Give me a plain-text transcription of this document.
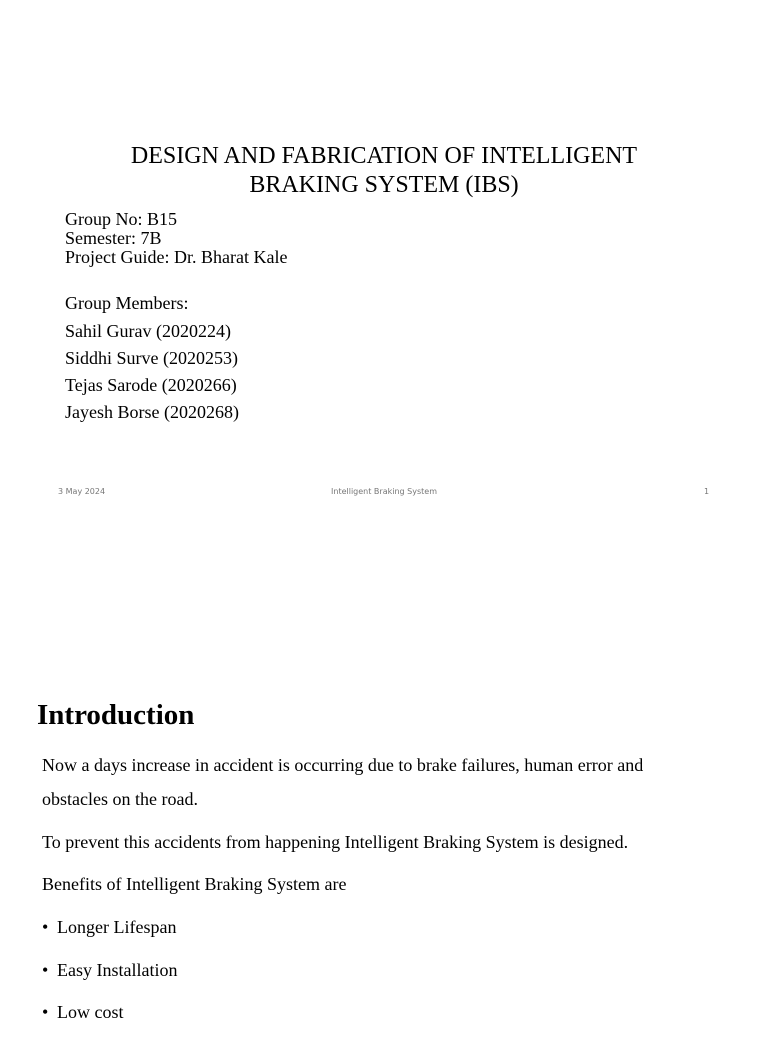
DESIGN AND FABRICATION OF INTELLIGENT
BRAKING SYSTEM (IBS)
Group No: B15
Semester: 7B
Project Guide: Dr. Bharat Kale
Group Members:
Sahil Gurav (2020224)
Siddhi Surve (2020253)
Tejas Sarode (2020266)
Jayesh Borse (2020268)
3 May 2024	Intelligent Braking System	1
Introduction
Now a days increase in accident is occurring due to brake failures, human error and obstacles on the road.
To prevent this accidents from happening Intelligent Braking System is designed.
Benefits of Intelligent Braking System are
• Longer Lifespan
• Easy Installation
• Low cost
